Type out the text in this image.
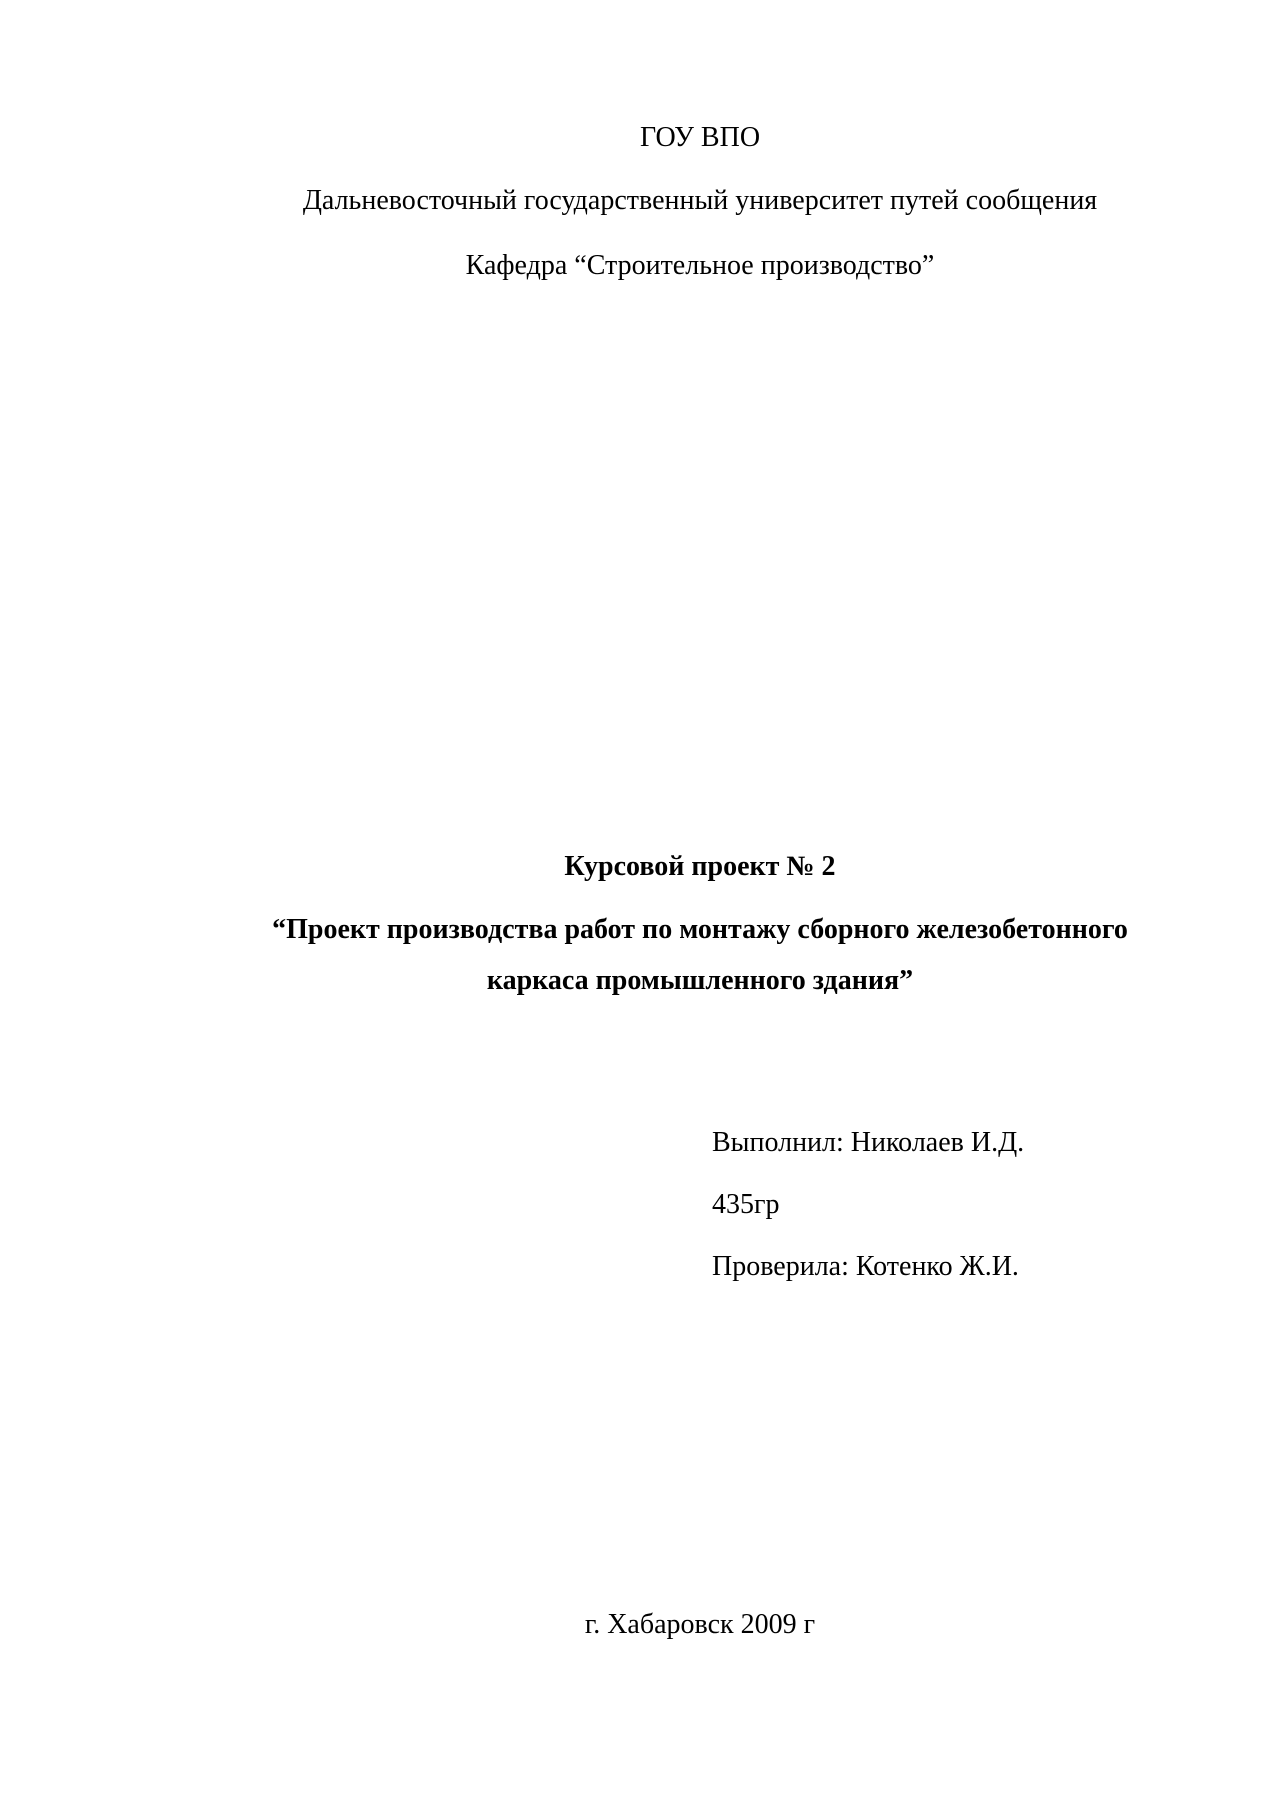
ГОУ ВПО
Дальневосточный государственный университет путей сообщения
Кафедра “Строительное производство”
Курсовой проект № 2
“Проект производства работ по монтажу сборного железобетонного
каркаса промышленного здания”
Выполнил: Николаев И.Д.
435гр
Проверила: Котенко Ж.И.
г. Хабаровск 2009 г
